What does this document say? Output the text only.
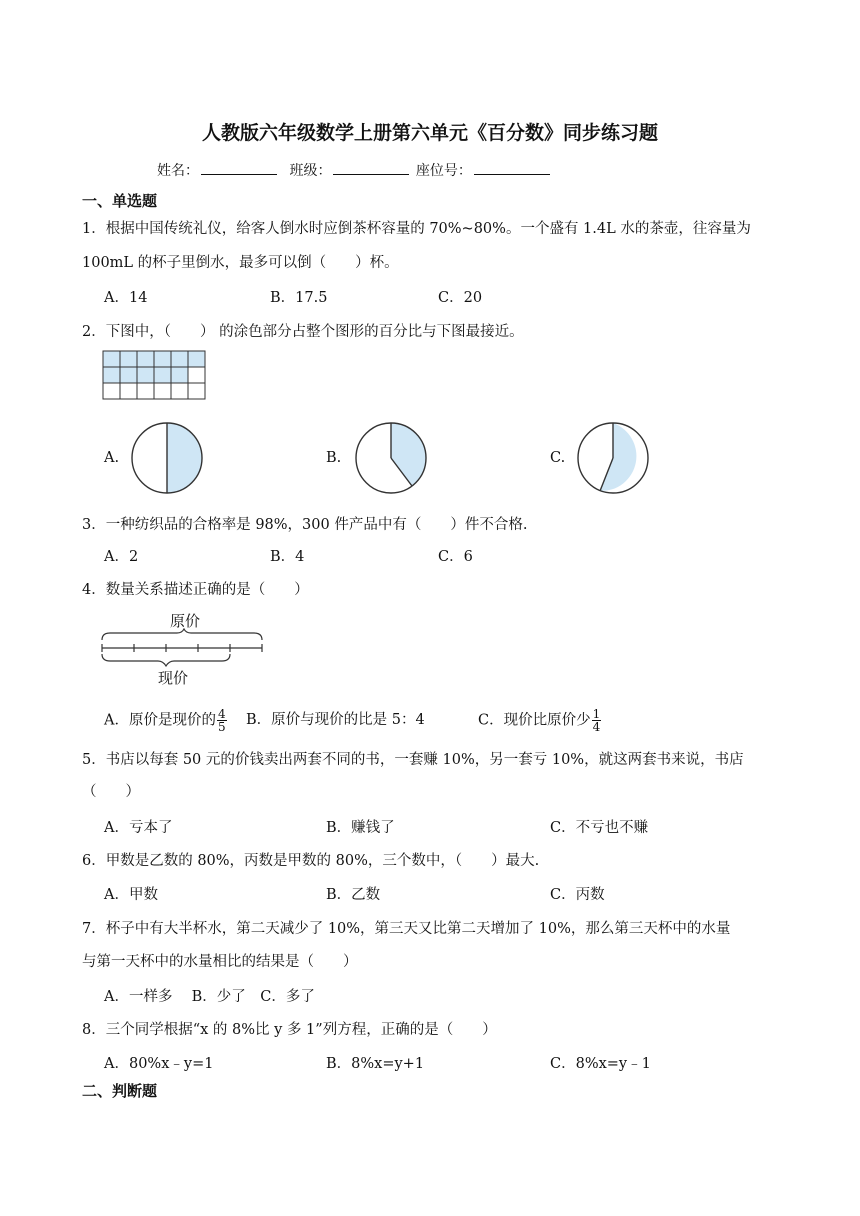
人教版六年级数学上册第六单元《百分数》同步练习题
姓名：	班级：	座位号：
一、单选题
1．根据中国传统礼仪，给客人倒水时应倒茶杯容量的 70%~80%。一个盛有 1.4L 水的茶壶，往容量为
100mL 的杯子里倒水，最多可以倒（　　）杯。
A．14	B．17.5	C．20
2．下图中，（　　） 的涂色部分占整个图形的百分比与下图最接近。
A.	B.	C.
3．一种纺织品的合格率是 98%，300 件产品中有（　　）件不合格.
A．2	B．4	C．6
4．数量关系描述正确的是（　　）
原价
现价
A．原价是现价的 $\frac{4}{5}$ B．原价与现价的比是 5：4	C．现价比原价少 $\frac{1}{4}$
5．书店以每套 50 元的价钱卖出两套不同的书，一套赚 10%，另一套亏 10%，就这两套书来说，书店
（　　）
A．亏本了	B．赚钱了	C．不亏也不赚
6．甲数是乙数的 80%，丙数是甲数的 80%，三个数中，（　　）最大.
A．甲数	B．乙数	C．丙数
7．杯子中有大半杯水，第二天减少了 10%，第三天又比第二天增加了 10%，那么第三天杯中的水量
与第一天杯中的水量相比的结果是（　　）
A．一样多　 B．少了　C．多了
8．三个同学根据“x 的 8%比 y 多 1”列方程，正确的是（　　）
A．80%x﹣y=1	B．8%x=y+1	C．8%x=y﹣1
二、判断题
